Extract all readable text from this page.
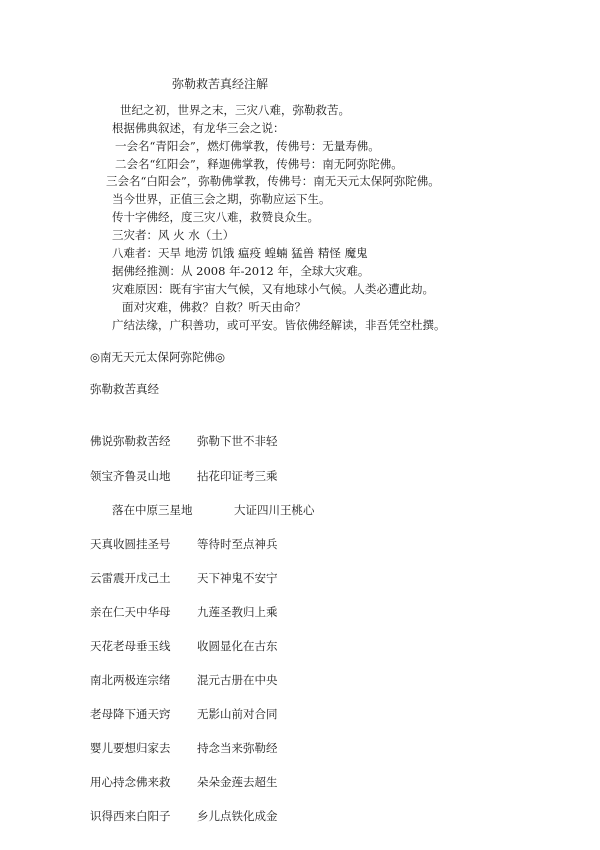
弥勒救苦真经注解
世纪之初，世界之末，三灾八难，弥勒救苦。
根据佛典叙述，有龙华三会之说：
一会名“青阳会”，燃灯佛掌教，传佛号：无量寿佛。
二会名“红阳会”，释迦佛掌教，传佛号：南无阿弥陀佛。
三会名“白阳会”，弥勒佛掌教，传佛号：南无天元太保阿弥陀佛。
当今世界，正值三会之期，弥勒应运下生。
传十字佛经，度三灾八难，救赞良众生。
三灾者：风 火 水（土）
八难者：天旱 地涝 饥饿 瘟疫 蝗蝻 猛兽 精怪 魔鬼
据佛经推测：从 2008 年-2012 年，全球大灾难。
灾难原因：既有宇宙大气候，又有地球小气候。人类必遭此劫。
面对灾难，佛救？自救？听天由命？
广结法缘，广积善功，或可平安。皆依佛经解读，非吾凭空杜撰。
◎南无天元太保阿弥陀佛◎
弥勒救苦真经
佛说弥勒救苦经 弥勒下世不非轻
领宝齐鲁灵山地 拈花印证考三乘
落在中原三星地	大证四川王桃心
天真收圆挂圣号 等待时至点神兵
云雷震开戊己土 天下神鬼不安宁
亲在仁天中华母 九莲圣教归上乘
天花老母垂玉线 收圆显化在古东
南北两极连宗绪 混元古册在中央
老母降下通天窍 无影山前对合同
婴儿要想归家去 持念当来弥勒经
用心持念佛来救 朵朵金莲去超生
识得西来白阳子 乡儿点铁化成金
